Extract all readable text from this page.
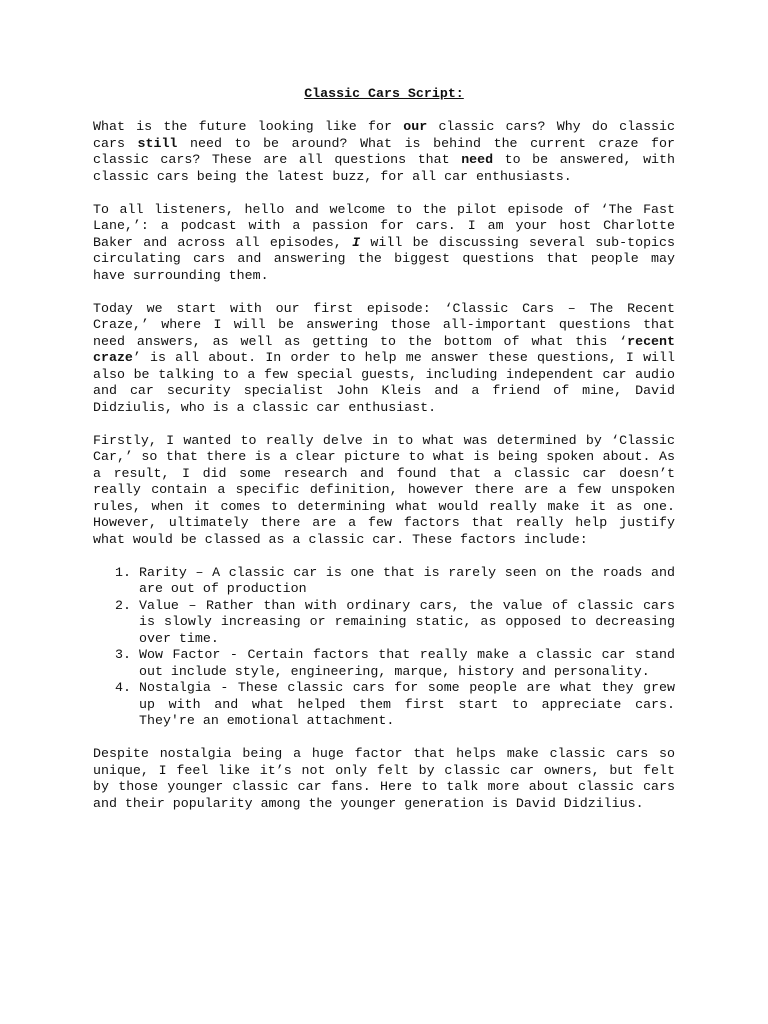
Classic Cars Script:

What is the future looking like for our classic cars? Why do classic cars still need to be around? What is behind the current craze for classic cars? These are all questions that need to be answered, with classic cars being the latest buzz, for all car enthusiasts.

To all listeners, hello and welcome to the pilot episode of ‘The Fast Lane,’: a podcast with a passion for cars. I am your host Charlotte Baker and across all episodes, I will be discussing several sub-topics circulating cars and answering the biggest questions that people may have surrounding them.

Today we start with our first episode: ‘Classic Cars – The Recent Craze,’ where I will be answering those all-important questions that need answers, as well as getting to the bottom of what this ‘recent craze’ is all about. In order to help me answer these questions, I will also be talking to a few special guests, including independent car audio and car security specialist John Kleis and a friend of mine, David Didziulis, who is a classic car enthusiast.

Firstly, I wanted to really delve in to what was determined by ‘Classic Car,’ so that there is a clear picture to what is being spoken about. As a result, I did some research and found that a classic car doesn’t really contain a specific definition, however there are a few unspoken rules, when it comes to determining what would really make it as one. However, ultimately there are a few factors that really help justify what would be classed as a classic car. These factors include:

1. Rarity – A classic car is one that is rarely seen on the roads and are out of production
2. Value – Rather than with ordinary cars, the value of classic cars is slowly increasing or remaining static, as opposed to decreasing over time.
3. Wow Factor - Certain factors that really make a classic car stand out include style, engineering, marque, history and personality.
4. Nostalgia - These classic cars for some people are what they grew up with and what helped them first start to appreciate cars. They're an emotional attachment.

Despite nostalgia being a huge factor that helps make classic cars so unique, I feel like it’s not only felt by classic car owners, but felt by those younger classic car fans. Here to talk more about classic cars and their popularity among the younger generation is David Didzilius.
